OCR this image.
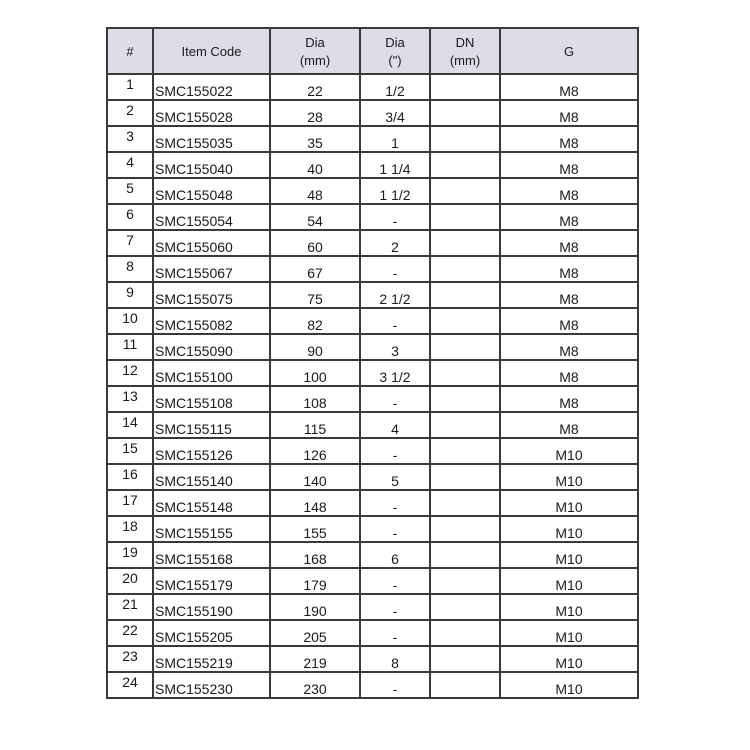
#	Item Code	Dia	Dia	DN	G
		(mm)	(")	(mm)	
1	SMC155022	22	1/2		M8
2	SMC155028	28	3/4		M8
3	SMC155035	35	1		M8
4	SMC155040	40	1 1/4		M8
5	SMC155048	48	1 1/2		M8
6	SMC155054	54	-		M8
7	SMC155060	60	2		M8
8	SMC155067	67	-		M8
9	SMC155075	75	2 1/2		M8
10	SMC155082	82	-		M8
11	SMC155090	90	3		M8
12	SMC155100	100	3 1/2		M8
13	SMC155108	108	-		M8
14	SMC155115	115	4		M8
15	SMC155126	126	-		M10
16	SMC155140	140	5		M10
17	SMC155148	148	-		M10
18	SMC155155	155	-		M10
19	SMC155168	168	6		M10
20	SMC155179	179	-		M10
21	SMC155190	190	-		M10
22	SMC155205	205	-		M10
23	SMC155219	219	8		M10
24	SMC155230	230	-		M10
